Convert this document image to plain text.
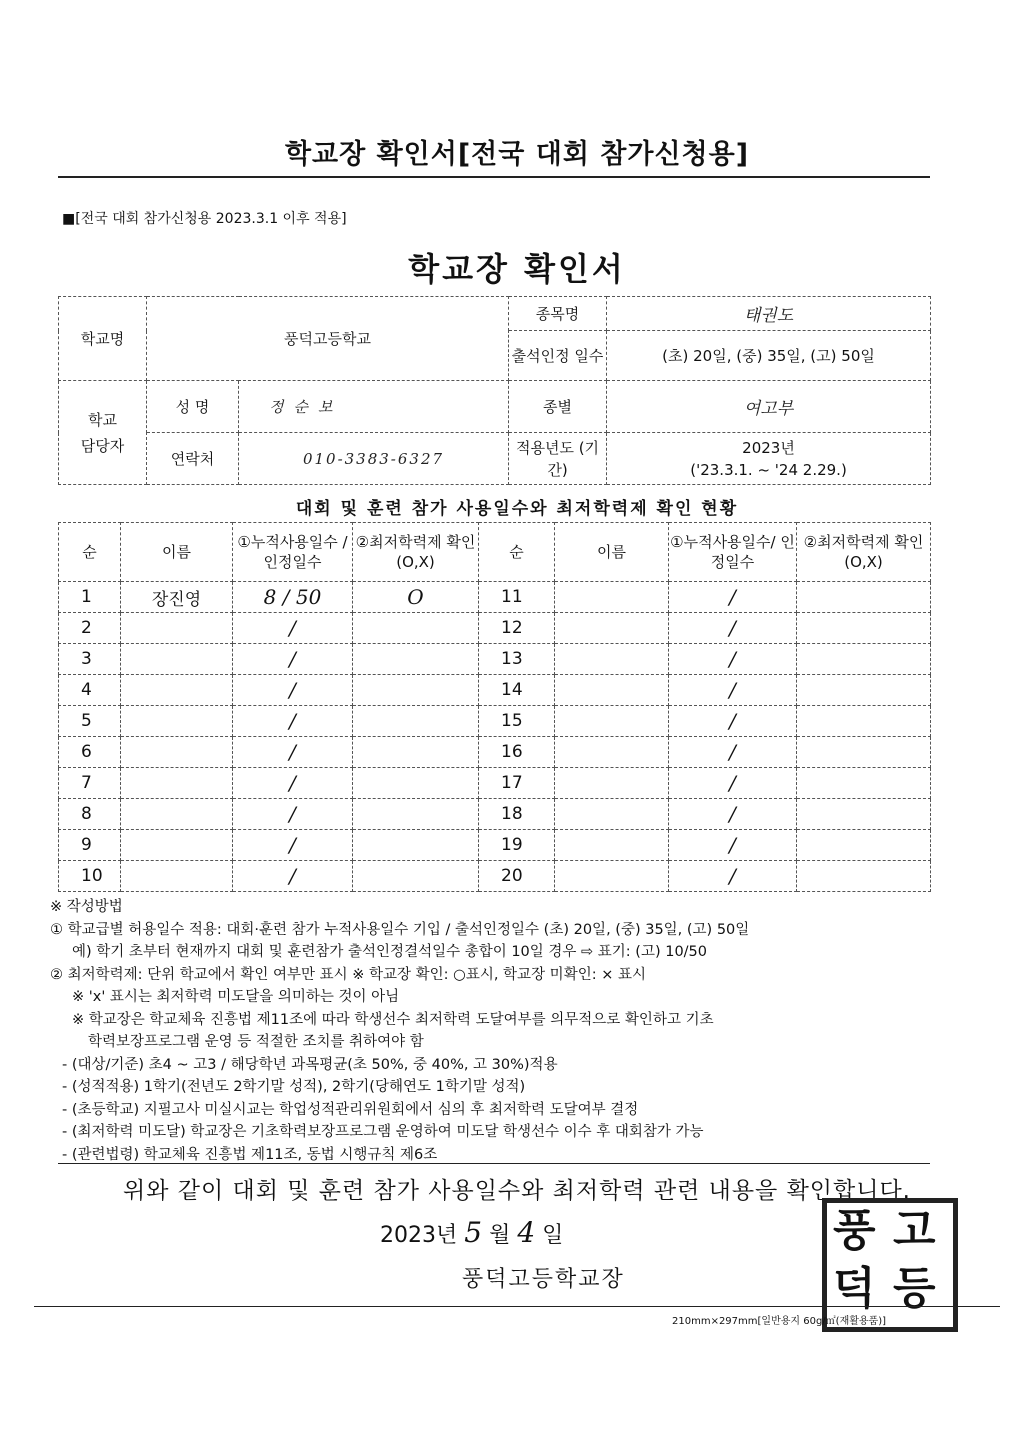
학교장 확인서[전국 대회 참가신청용]
■[전국 대회 참가신청용 2023.3.1 이후 적용]
학교장 확인서
학교명	풍덕고등학교		종목명	태권도
			출석인정 일수	(초) 20일, (중) 35일, (고) 50일
학교 담당자	성 명	정순보	종별	여고부
	연락처	010-3383-6327	적용년도 (기간)	2023년
('23.3.1. ~ '24 2.29.)
대회 및 훈련 참가 사용일수와 최저학력제 확인 현황
순	이름	①누적사용일수 /인정일수	②최저학력제 확인(O,X)	순	이름	①누적사용일수/ 인정일수	②최저학력제 확인(O,X)
1	장진영	8 / 50	O	11		/	
2		/		12		/	
3		/		13		/	
4		/		14		/	
5		/		15		/	
6		/		16		/	
7		/		17		/	
8		/		18		/	
9		/		19		/	
10		/		20		/	
※ 작성방법
① 학교급별 허용일수 적용: 대회·훈련 참가 누적사용일수 기입 / 출석인정일수 (초) 20일, (중) 35일, (고) 50일
예) 학기 초부터 현재까지 대회 및 훈련참가 출석인정결석일수 총합이 10일 경우 ⇨ 표기: (고) 10/50
② 최저학력제: 단위 학교에서 확인 여부만 표시 ※ 학교장 확인: ○표시, 학교장 미확인: × 표시
※ 'x' 표시는 최저학력 미도달을 의미하는 것이 아님
※ 학교장은 학교체육 진흥법 제11조에 따라 학생선수 최저학력 도달여부를 의무적으로 확인하고 기초
학력보장프로그램 운영 등 적절한 조치를 취하여야 함
- (대상/기준) 초4 ~ 고3 / 해당학년 과목평균(초 50%, 중 40%, 고 30%)적용
- (성적적용) 1학기(전년도 2학기말 성적), 2학기(당해연도 1학기말 성적)
- (초등학교) 지필고사 미실시교는 학업성적관리위원회에서 심의 후 최저학력 도달여부 결정
- (최저학력 미도달) 학교장은 기초학력보장프로그램 운영하여 미도달 학생선수 이수 후 대회참가 가능
- (관련법령) 학교체육 진흥법 제11조, 동법 시행규칙 제6조
위와 같이 대회 및 훈련 참가 사용일수와 최저학력 관련 내용을 확인합니다.
2023년 5 월 4 일
풍덕고등학교장
풍 고
덕 등
210mm×297mm[일반용지 60g/㎡(재활용품)]
